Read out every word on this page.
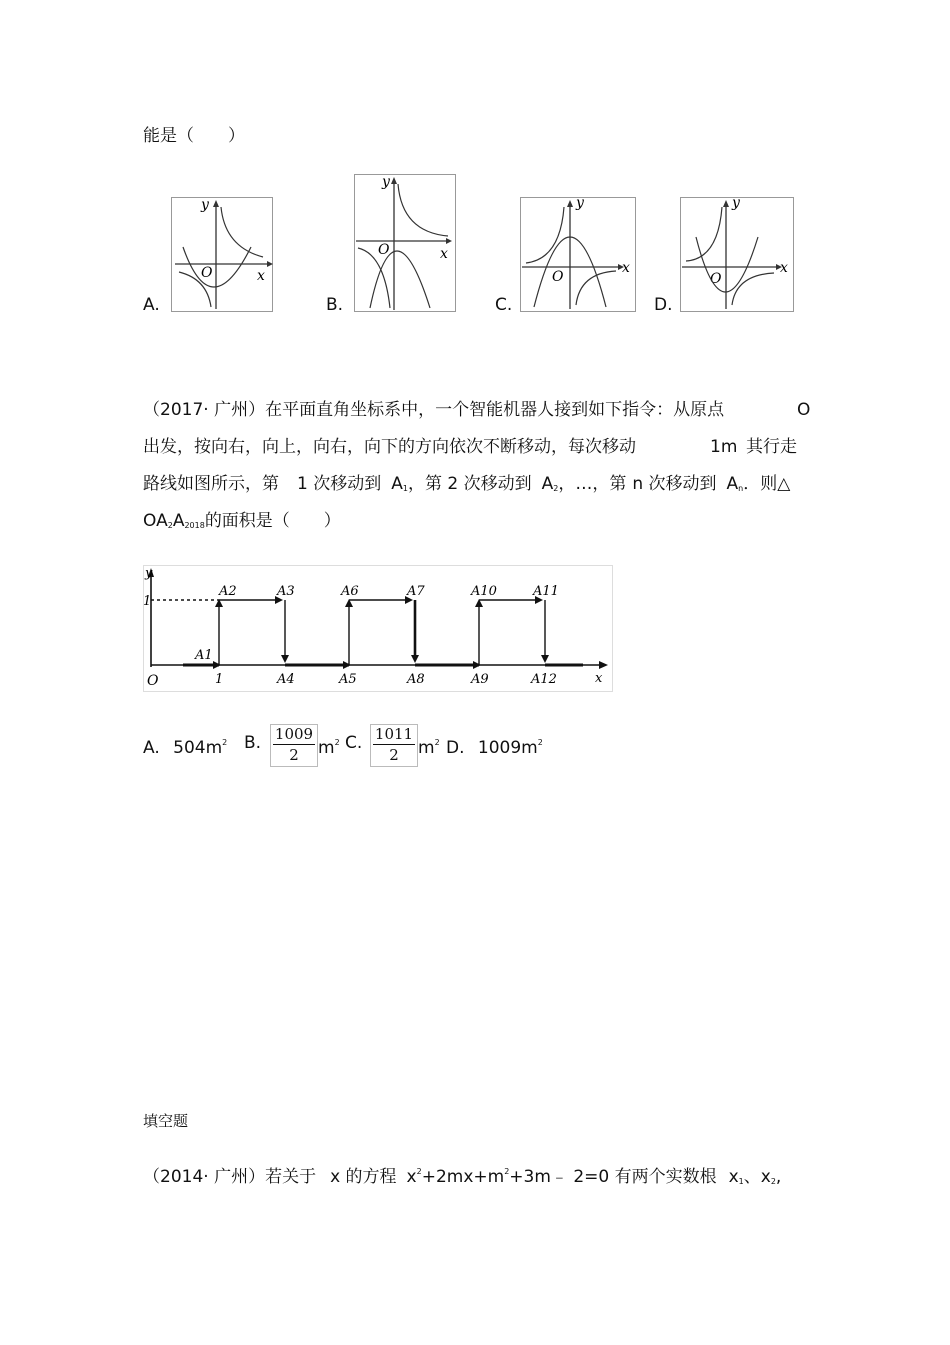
能是（　　）
A.	B.	C.	D.
y
x
O
y
x
O
y
x
O
y
x
O
（2017· 广州）在平面直角坐标系中，一个智能机器人接到如下指令：从原点	O
出发，按向右，向上，向右，向下的方向依次不断移动，每次移动	1m 其行走
路线如图所示，第 1 次移动到 $A_1$，第 2 次移动到 $A_2$，…，第 n 次移动到 $A_n$．则△
$OA_2A_{2018}$的面积是（　　）
y
x
O
1
1
A1
A2	A3	A6	A7	A10	A11
A4	A5	A8	A9	A12
A. $504m^2$ B. 1009
2	$m^2$ C. 1011
2	$m^2$ D. $1009m^2$
填空题
（2014· 广州）若关于 x 的方程 $x^2+2mx+m^2+3m﹣$ 2=0 有两个实数根 $x_1$、$x_2$,
